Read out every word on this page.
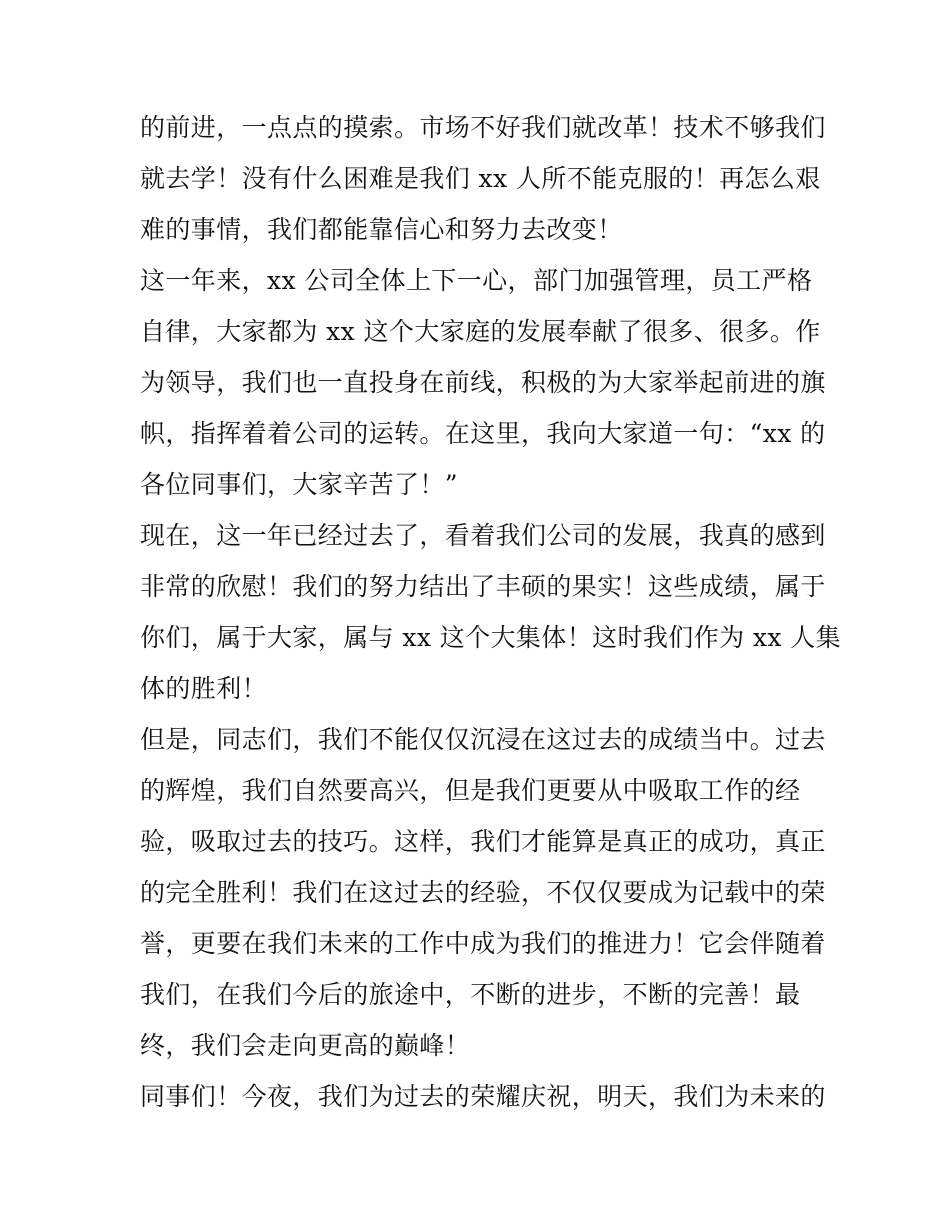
的前进，一点点的摸索。市场不好我们就改革！技术不够我们
就去学！没有什么困难是我们 xx 人所不能克服的！再怎么艰
难的事情，我们都能靠信心和努力去改变！
这一年来，xx 公司全体上下一心，部门加强管理，员工严格
自律，大家都为 xx 这个大家庭的发展奉献了很多、很多。作
为领导，我们也一直投身在前线，积极的为大家举起前进的旗
帜，指挥着着公司的运转。在这里，我向大家道一句：“xx 的
各位同事们，大家辛苦了！”
现在，这一年已经过去了，看着我们公司的发展，我真的感到
非常的欣慰！我们的努力结出了丰硕的果实！这些成绩，属于
你们，属于大家，属与 xx 这个大集体！这时我们作为 xx 人集
体的胜利！
但是，同志们，我们不能仅仅沉浸在这过去的成绩当中。过去
的辉煌，我们自然要高兴，但是我们更要从中吸取工作的经
验，吸取过去的技巧。这样，我们才能算是真正的成功，真正
的完全胜利！我们在这过去的经验，不仅仅要成为记载中的荣
誉，更要在我们未来的工作中成为我们的推进力！它会伴随着
我们，在我们今后的旅途中，不断的进步，不断的完善！最
终，我们会走向更高的巅峰！
同事们！今夜，我们为过去的荣耀庆祝，明天，我们为未来的
